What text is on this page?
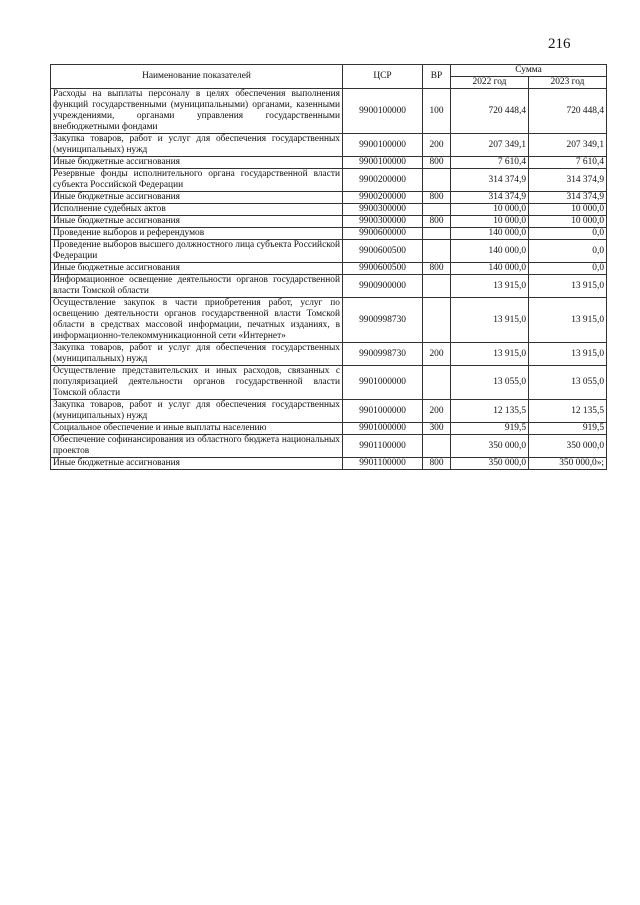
216
Наименование показателей	ЦСР	ВР	Сумма	
			2022 год	2023 год
Расходы на выплаты персоналу в целях обеспечения выполнения функций государственными (муниципальными) органами, казенными учреждениями, органами управления государственными внебюджетными фондами	9900100000	100	720 448,4	720 448,4
Закупка товаров, работ и услуг для обеспечения государственных (муниципальных) нужд	9900100000	200	207 349,1	207 349,1
Иные бюджетные ассигнования	9900100000	800	7 610,4	7 610,4
Резервные фонды исполнительного органа государственной власти субъекта Российской Федерации	9900200000		314 374,9	314 374,9
Иные бюджетные ассигнования	9900200000	800	314 374,9	314 374,9
Исполнение судебных актов	9900300000		10 000,0	10 000,0
Иные бюджетные ассигнования	9900300000	800	10 000,0	10 000,0
Проведение выборов и референдумов	9900600000		140 000,0	0,0
Проведение выборов высшего должностного лица субъекта Российской Федерации	9900600500		140 000,0	0,0
Иные бюджетные ассигнования	9900600500	800	140 000,0	0,0
Информационное освещение деятельности органов государственной власти Томской области	9900900000		13 915,0	13 915,0
Осуществление закупок в части приобретения работ, услуг по освещению деятельности органов государственной власти Томской области в средствах массовой информации, печатных изданиях, в информационно-телекоммуникационной сети «Интернет»	9900998730		13 915,0	13 915,0
Закупка товаров, работ и услуг для обеспечения государственных (муниципальных) нужд	9900998730	200	13 915,0	13 915,0
Осуществление представительских и иных расходов, связанных с популяризацией деятельности органов государственной власти Томской области	9901000000		13 055,0	13 055,0
Закупка товаров, работ и услуг для обеспечения государственных (муниципальных) нужд	9901000000	200	12 135,5	12 135,5
Социальное обеспечение и иные выплаты населению	9901000000	300	919,5	919,5
Обеспечение софинансирования из областного бюджета национальных проектов	9901100000		350 000,0	350 000,0
Иные бюджетные ассигнования	9901100000	800	350 000,0	350 000,0»;
